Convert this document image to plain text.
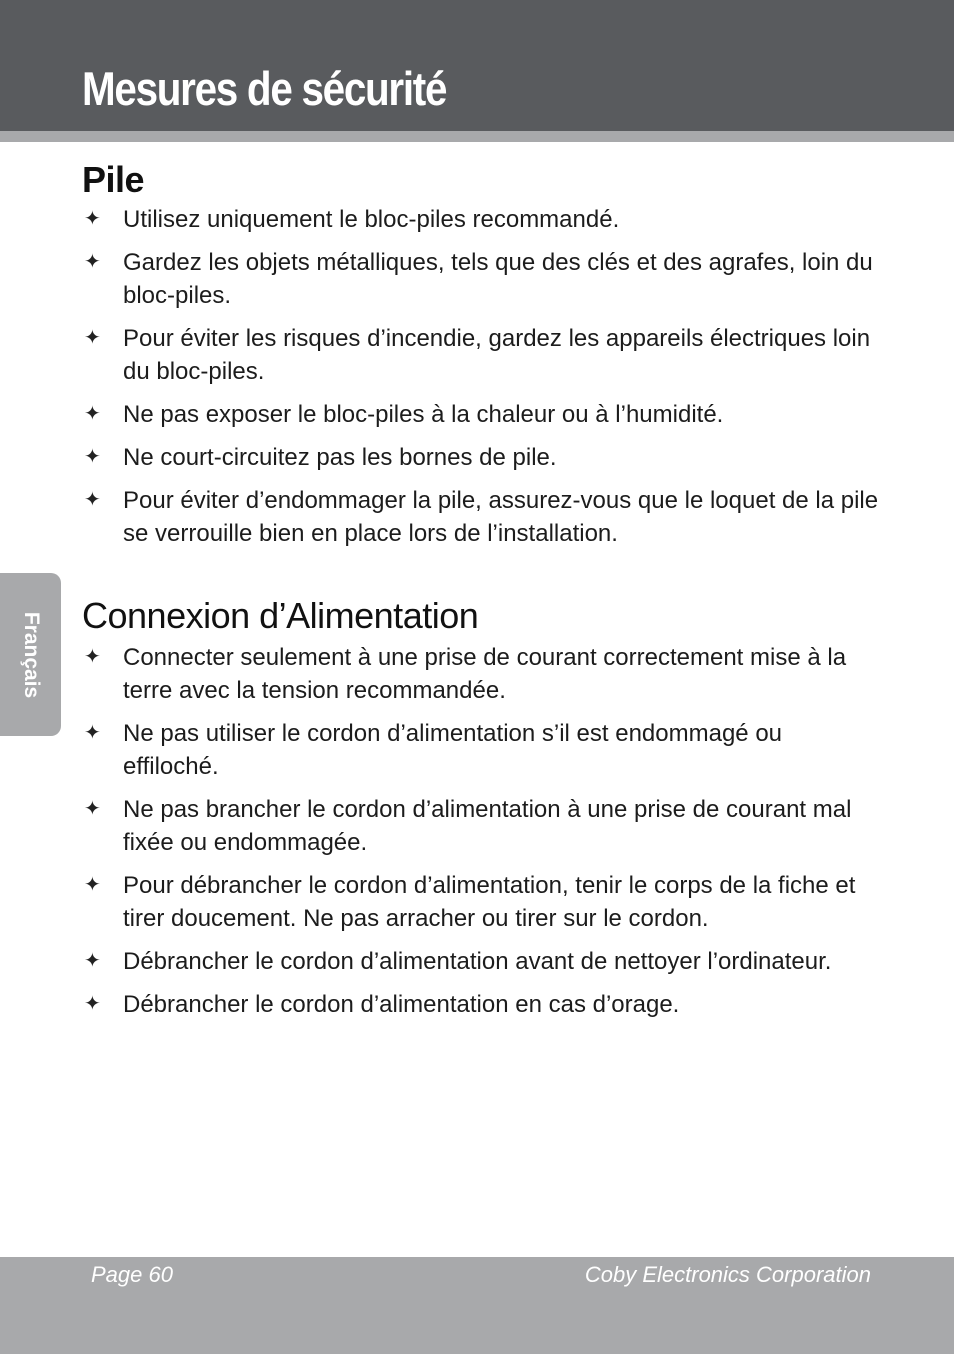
Mesures de sécurité
Français
Pile
✦ Utilisez uniquement le bloc-piles recommandé.
✦ Gardez les objets métalliques, tels que des clés et des agrafes, loin du bloc-piles.
✦ Pour éviter les risques d’incendie, gardez les appareils électriques loin du bloc-piles.
✦ Ne pas exposer le bloc-piles à la chaleur ou à l’humidité.
✦ Ne court-circuitez pas les bornes de pile.
✦ Pour éviter d’endommager la pile, assurez-vous que le loquet de la pile se verrouille bien en place lors de l’installation.
Connexion d’Alimentation
✦ Connecter seulement à une prise de courant correctement mise à la terre avec la tension recommandée.
✦ Ne pas utiliser le cordon d’alimentation s’il est endommagé ou effiloché.
✦ Ne pas brancher le cordon d’alimentation à une prise de courant mal fixée ou endommagée.
✦ Pour débrancher le cordon d’alimentation, tenir le corps de la fiche et tirer doucement. Ne pas arracher ou tirer sur le cordon.
✦ Débrancher le cordon d’alimentation avant de nettoyer l’ordinateur.
✦ Débrancher le cordon d’alimentation en cas d’orage.
Page 60	Coby Electronics Corporation
